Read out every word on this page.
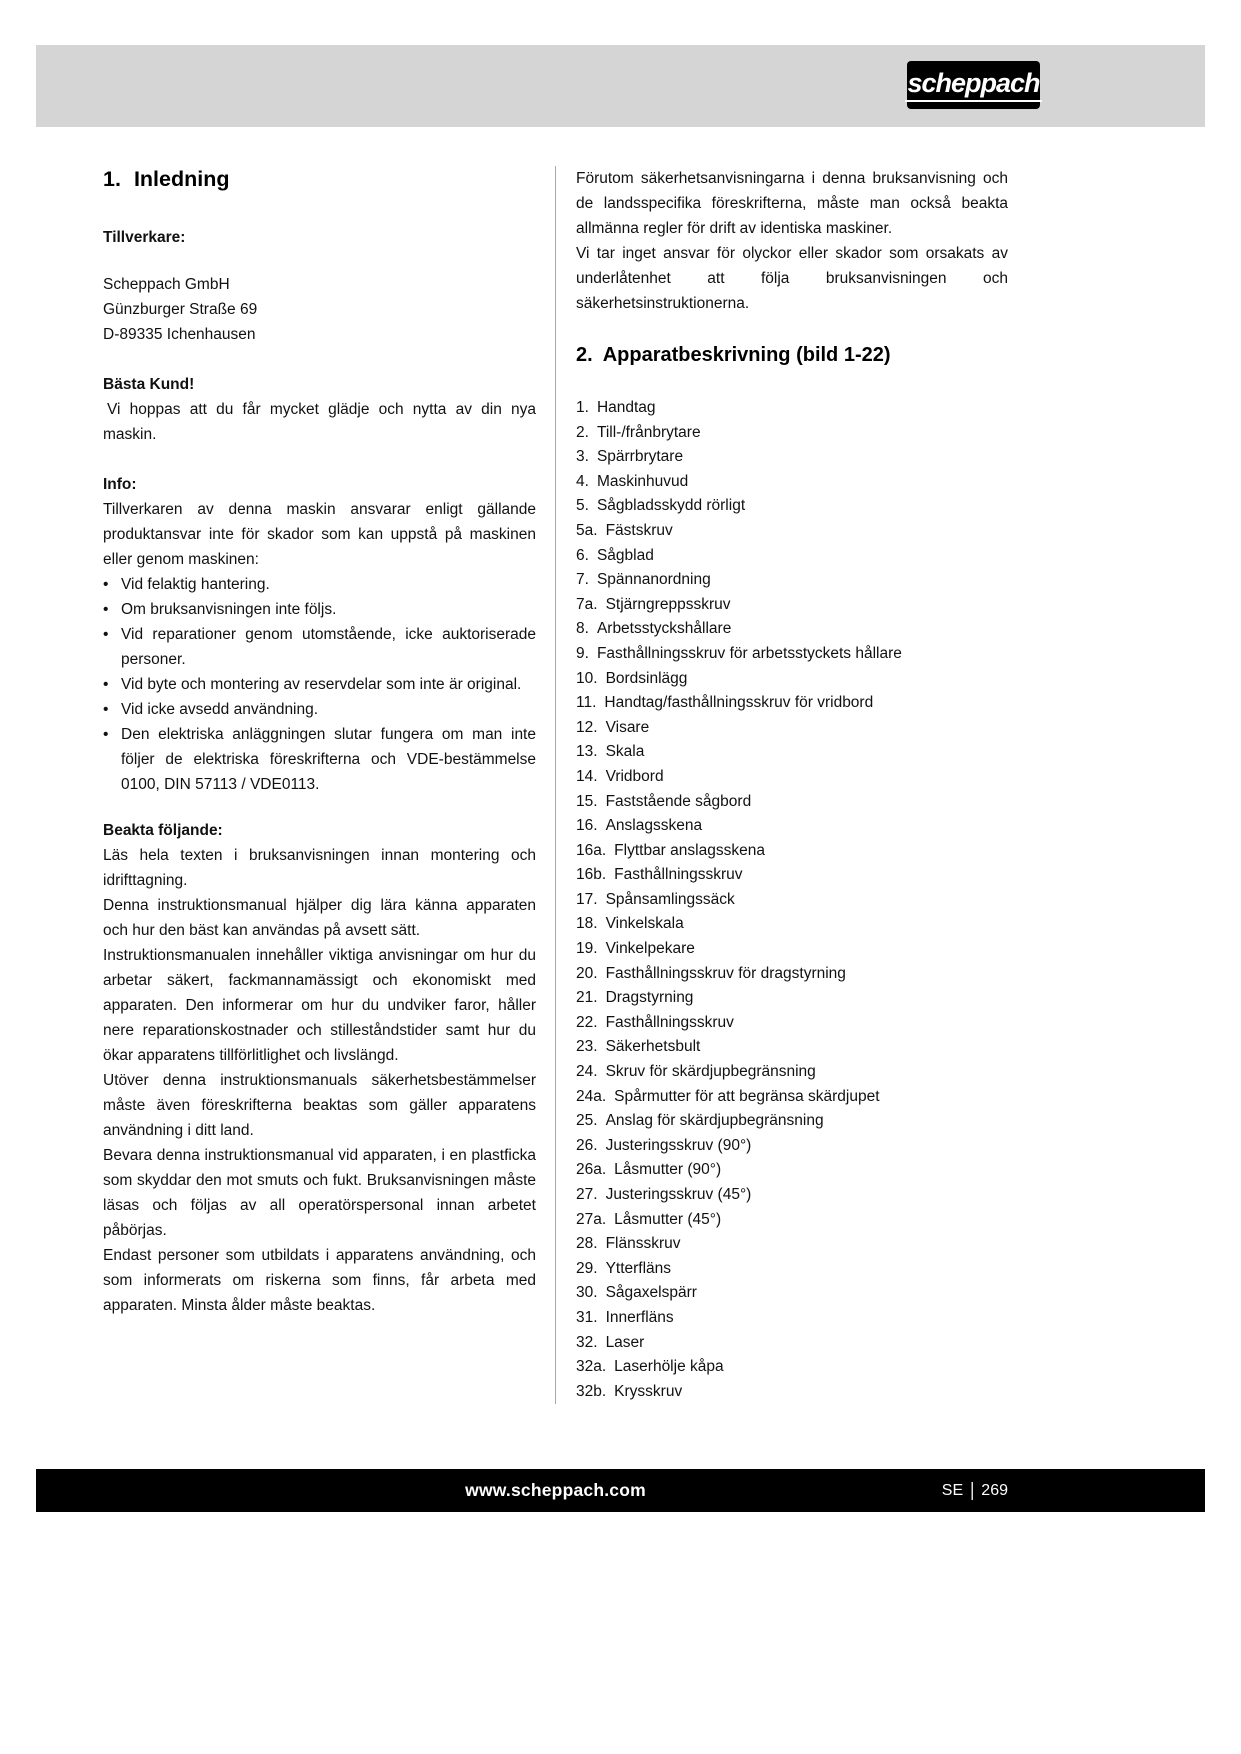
scheppach
1. Inledning

Tillverkare:

Scheppach GmbH

Günzburger Straße 69

D-89335 Ichenhausen

Bästa Kund!

Vi hoppas att du får mycket glädje och nytta av din nya maskin.

Info:

Tillverkaren av denna maskin ansvarar enligt gällande produktansvar inte för skador som kan uppstå på maskinen eller genom maskinen:

• Vid felaktig hantering.
• Om bruksanvisningen inte följs.
• Vid reparationer genom utomstående, icke auktoriserade personer.
• Vid byte och montering av reservdelar som inte är original.
• Vid icke avsedd användning.
• Den elektriska anläggningen slutar fungera om man inte följer de elektriska föreskrifterna och VDE-bestämmelse 0100, DIN 57113 / VDE0113.

Beakta följande:

Läs hela texten i bruksanvisningen innan montering och idrifttagning.

Denna instruktionsmanual hjälper dig lära känna apparaten och hur den bäst kan användas på avsett sätt.

Instruktionsmanualen innehåller viktiga anvisningar om hur du arbetar säkert, fackmannamässigt och ekonomiskt med apparaten. Den informerar om hur du undviker faror, håller nere reparationskostnader och stilleståndstider samt hur du ökar apparatens tillförlitlighet och livslängd.

Utöver denna instruktionsmanuals säkerhetsbestämmelser måste även föreskrifterna beaktas som gäller apparatens användning i ditt land.

Bevara denna instruktionsmanual vid apparaten, i en plastficka som skyddar den mot smuts och fukt. Bruksanvisningen måste läsas och följas av all operatörspersonal innan arbetet påbörjas.

Endast personer som utbildats i apparatens användning, och som informerats om riskerna som finns, får arbeta med apparaten. Minsta ålder måste beaktas.

Förutom säkerhetsanvisningarna i denna bruksanvisning och de landsspecifika föreskrifterna, måste man också beakta allmänna regler för drift av identiska maskiner.

Vi tar inget ansvar för olyckor eller skador som orsakats av underlåtenhet att följa bruksanvisningen och säkerhetsinstruktionerna.

2. Apparatbeskrivning (bild 1-22)
1. Handtag
2. Till-/frånbrytare
3. Spärrbrytare
4. Maskinhuvud
5. Sågbladsskydd rörligt
5a. Fästskruv
6. Sågblad
7. Spännanordning
7a. Stjärngreppsskruv
8. Arbetsstyckshållare
9. Fasthållningsskruv för arbetsstyckets hållare
10. Bordsinlägg
11. Handtag/fasthållningsskruv för vridbord
12. Visare
13. Skala
14. Vridbord
15. Faststående sågbord
16. Anslagsskena
16a. Flyttbar anslagsskena
16b. Fasthållningsskruv
17. Spånsamlingssäck
18. Vinkelskala
19. Vinkelpekare
20. Fasthållningsskruv för dragstyrning
21. Dragstyrning
22. Fasthållningsskruv
23. Säkerhetsbult
24. Skruv för skärdjupbegränsning
24a. Spårmutter för att begränsa skärdjupet
25. Anslag för skärdjupbegränsning
26. Justeringsskruv (90°)
26a. Låsmutter (90°)
27. Justeringsskruv (45°)
27a. Låsmutter (45°)
28. Flänsskruv
29. Ytterfläns
30. Sågaxelspärr
31. Innerfläns
32. Laser
32a. Laserhölje kåpa
32b. Krysskruv
www.scheppach.com	SE | 269
